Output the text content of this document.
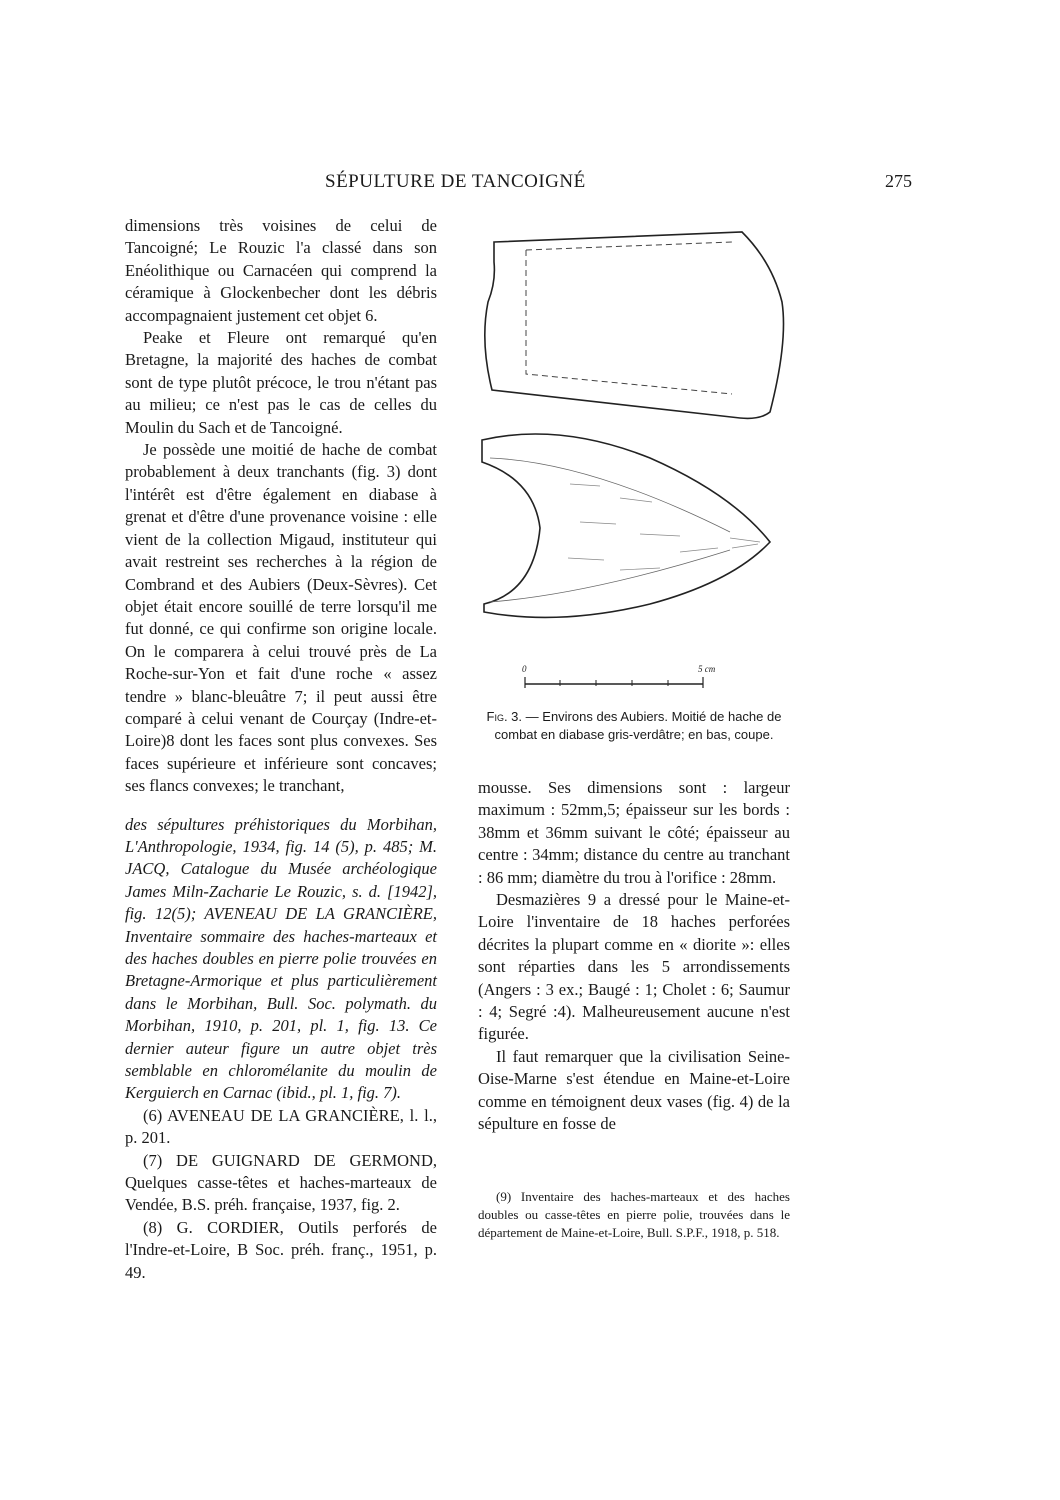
SÉPULTURE DE TANCOIGNÉ	275

dimensions très voisines de celui de Tancoigné; Le Rouzic l'a classé dans son Enéolithique ou Carnacéen qui comprend la céramique à Glockenbecher dont les débris accompagnaient justement cet objet 6.

Peake et Fleure ont remarqué qu'en Bretagne, la majorité des haches de combat sont de type plutôt précoce, le trou n'étant pas au milieu; ce n'est pas le cas de celles du Moulin du Sach et de Tancoigné.

Je possède une moitié de hache de combat probablement à deux tranchants (fig. 3) dont l'intérêt est d'être également en diabase à grenat et d'être d'une provenance voisine : elle vient de la collection Migaud, instituteur qui avait restreint ses recherches à la région de Combrand et des Aubiers (Deux-Sèvres). Cet objet était encore souillé de terre lorsqu'il me fut donné, ce qui confirme son origine locale. On le comparera à celui trouvé près de La Roche-sur-Yon et fait d'une roche « assez tendre » blanc-bleuâtre 7; il peut aussi être comparé à celui venant de Courçay (Indre-et-Loire)8 dont les faces sont plus convexes. Ses faces supérieure et inférieure sont concaves; ses flancs convexes; le tranchant,

des sépultures préhistoriques du Morbihan, L'Anthropologie, 1934, fig. 14 (5), p. 485; M. JACQ, Catalogue du Musée archéologique James Miln-Zacharie Le Rouzic, s. d. [1942], fig. 12(5); AVENEAU DE LA GRANCIÈRE, Inventaire sommaire des haches-marteaux et des haches doubles en pierre polie trouvées en Bretagne-Armorique et plus particulièrement dans le Morbihan, Bull. Soc. polymath. du Morbihan, 1910, p. 201, pl. 1, fig. 13. Ce dernier auteur figure un autre objet très semblable en chloromélanite du moulin de Kerguierch en Carnac (ibid., pl. 1, fig. 7).

(6) AVENEAU DE LA GRANCIÈRE, l. l., p. 201.

(7) DE GUIGNARD DE GERMOND, Quelques casse-têtes et haches-marteaux de Vendée, B.S. préh. française, 1937, fig. 2.

(8) G. CORDIER, Outils perforés de l'Indre-et-Loire, B Soc. préh. franç., 1951, p. 49.

0	5 cm
Fig. 3. — Environs des Aubiers. Moitié de hache de combat en diabase gris-verdâtre; en bas, coupe.

mousse. Ses dimensions sont : largeur maximum : 52mm,5; épaisseur sur les bords : 38mm et 36mm suivant le côté; épaisseur au centre : 34mm; distance du centre au tranchant : 86 mm; diamètre du trou à l'orifice : 28mm.

Desmazières 9 a dressé pour le Maine-et-Loire l'inventaire de 18 haches perforées décrites la plupart comme en « diorite »: elles sont réparties dans les 5 arrondissements (Angers : 3 ex.; Baugé : 1; Cholet : 6; Saumur : 4; Segré :4). Malheureusement aucune n'est figurée.

Il faut remarquer que la civilisation Seine-Oise-Marne s'est étendue en Maine-et-Loire comme en témoignent deux vases (fig. 4) de la sépulture en fosse de

(9) Inventaire des haches-marteaux et des haches doubles ou casse-têtes en pierre polie, trouvées dans le département de Maine-et-Loire, Bull. S.P.F., 1918, p. 518.
